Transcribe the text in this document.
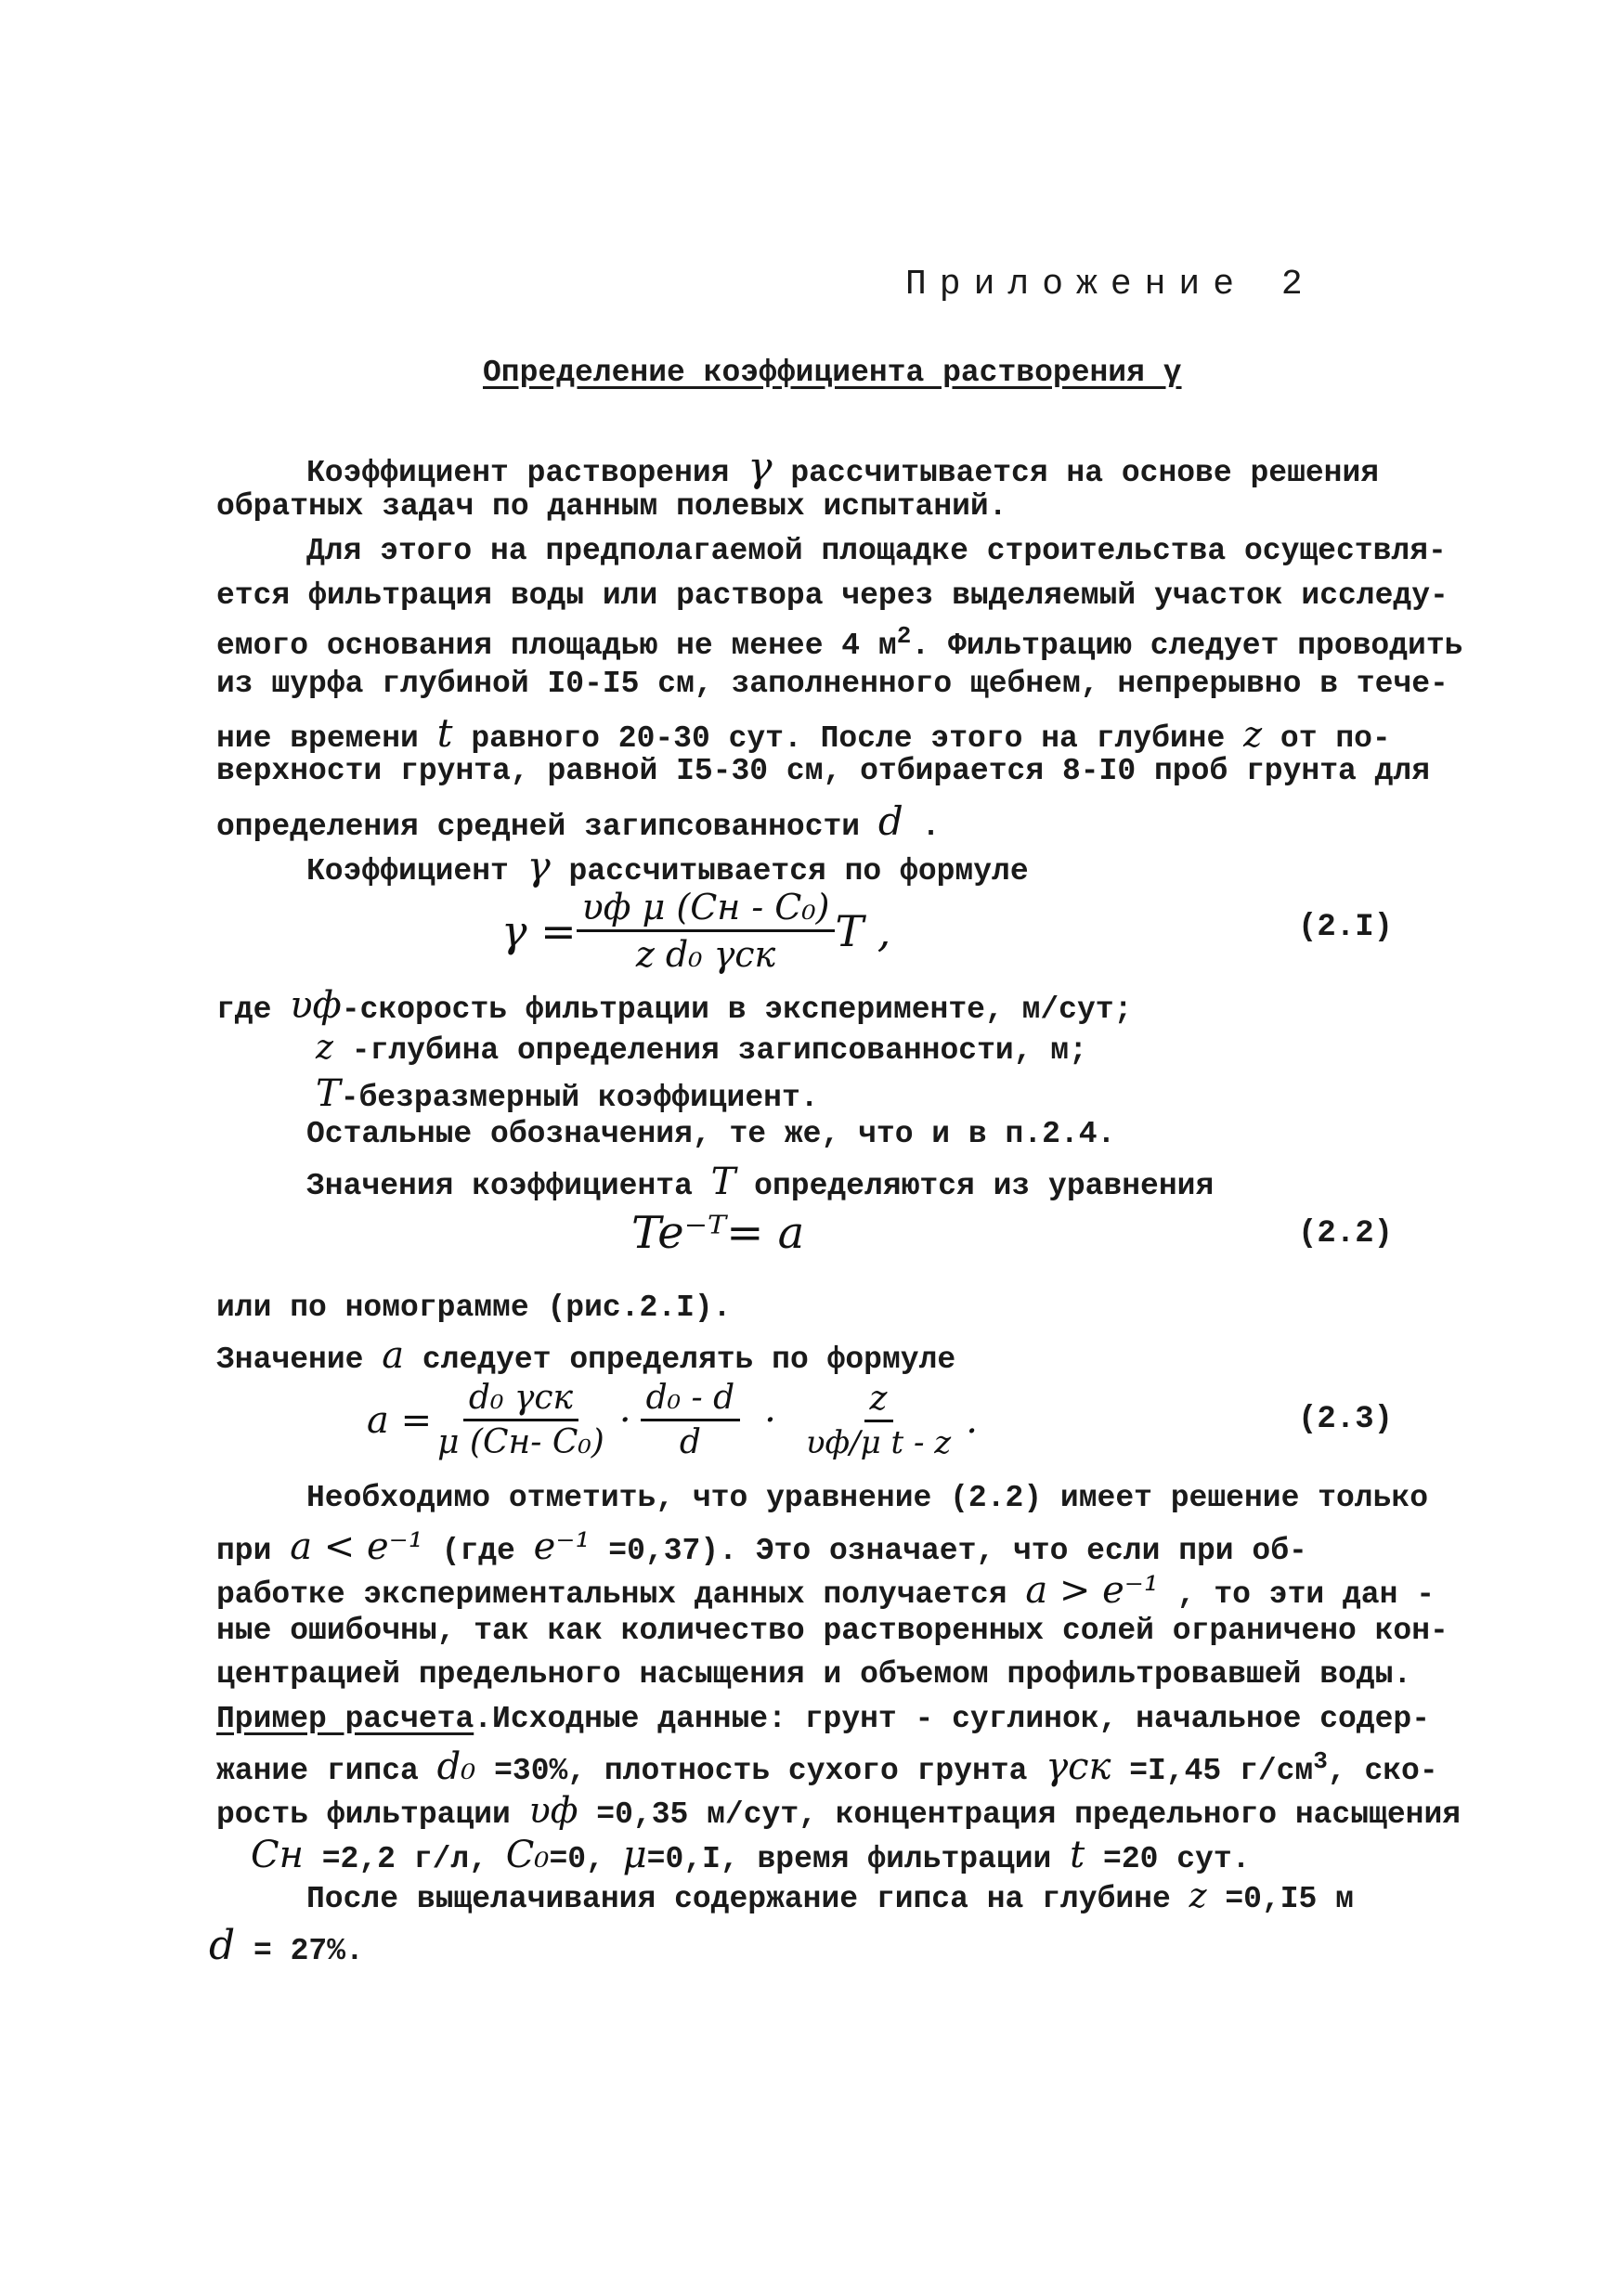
Приложение 2
Определение коэффициента растворения γ
Коэффициент растворения γ рассчитывается на основе решения
обратных задач по данным полевых испытаний.
Для этого на предполагаемой площадке строительства осуществля-
ется фильтрация воды или раствора через выделяемый участок исследу-
емого основания площадью не менее 4 $м^2$. Фильтрацию следует проводить
из шурфа глубиной I0-I5 см, заполненного щебнем, непрерывно в тече-
ние времени t равного 20-30 сут. После этого на глубине z от по-
верхности грунта, равной I5-30 см, отбирается 8-I0 проб грунта для
определения средней загипсованности d .
Коэффициент γ рассчитывается по формуле
$\gamma = \frac{\text{υф μ (Cн - C₀)}}{\text{z d₀ γск}}$ T ,	(2.I)
где υф-скорость фильтрации в эксперименте, м/сут;
z -глубина определения загипсованности, м;
T-безразмерный коэффициент.
Остальные обозначения, те же, что и в п.2.4.
Значения коэффициента T определяются из уравнения
Te⁻ᵀ= a	(2.2)
или по номограмме (рис.2.I).
Значение a следует определять по формуле
$a = \frac{\text{d₀ γск}}{\text{μ (Cн- C₀)}} \cdot \frac{\text{d₀ - d}}{d} \cdot \frac{z}{\text{υф/μ t - z}}$ .	(2.3)
Необходимо отметить, что уравнение (2.2) имеет решение только
при a < e⁻¹ (где e⁻¹ =0,37). Это означает, что если при об-
работке экспериментальных данных получается a > e⁻¹ , то эти дан -
ные ошибочны, так как количество растворенных солей ограничено кон-
центрацией предельного насыщения и объемом профильтровавшей воды.
Пример расчета.Исходные данные: грунт - суглинок, начальное содер-
жание гипса d₀ =30%, плотность сухого грунта γск =I,45 $г/см^3$, ско-
рость фильтрации υф =0,35 м/сут, концентрация предельного насыщения
Cн =2,2 г/л, C₀=0, μ=0,I, время фильтрации t =20 сут.
После выщелачивания содержание гипса на глубине z =0,I5 м
d = 27%.
